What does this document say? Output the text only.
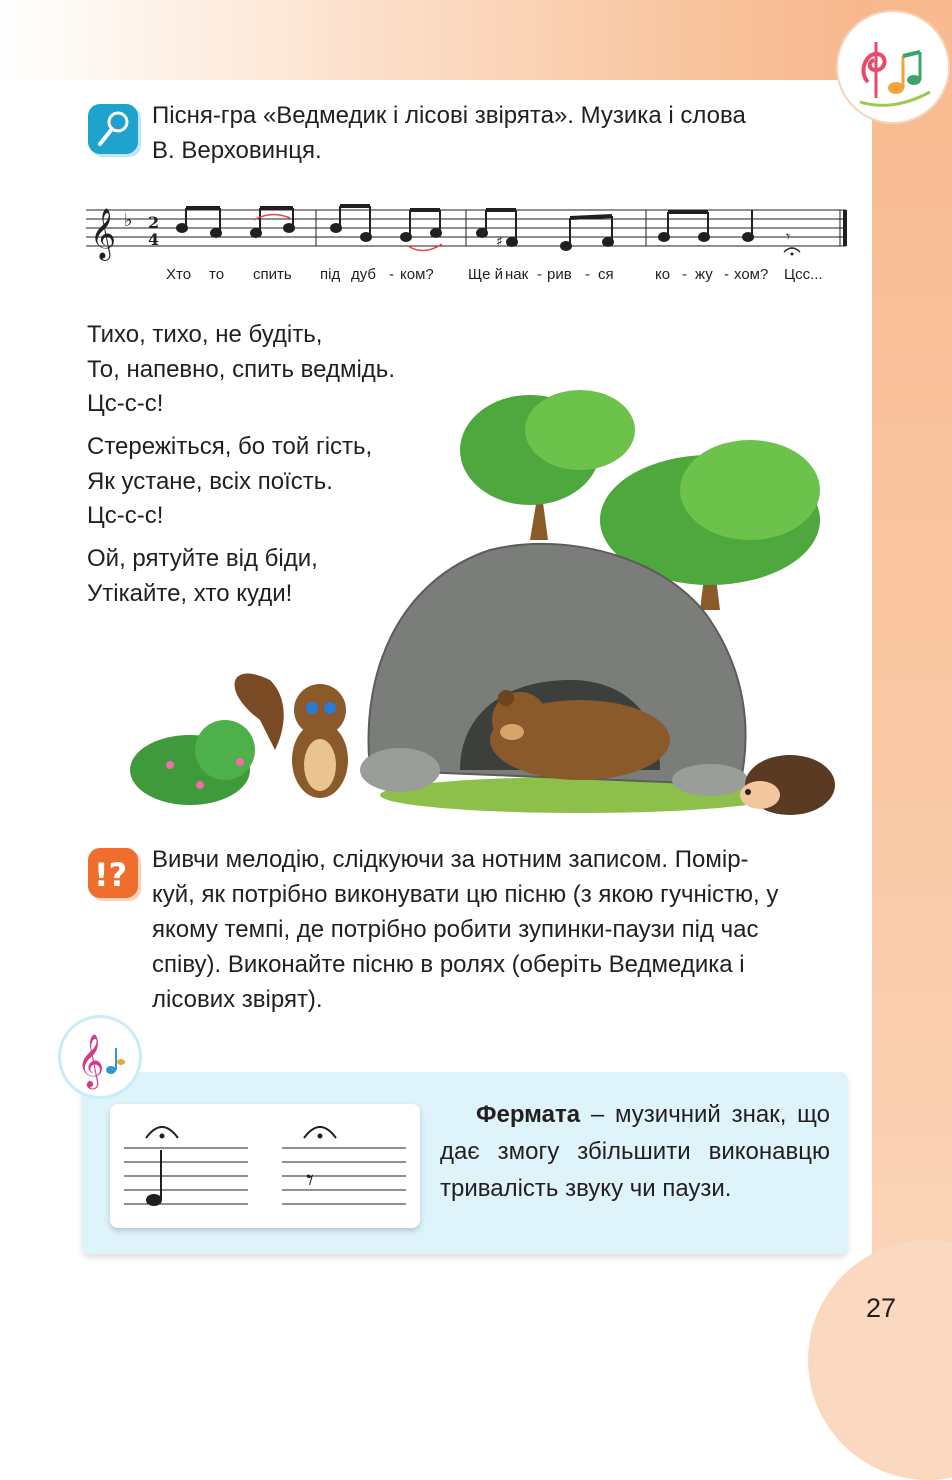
Пісня-гра «Ведмедик і лісові звірята». Музика і слова
В. Верховинця.

𝄞 ♭ 2
4	♯	𝄾
Хто то спить під дуб - ком? Ще й нак - рив - ся	ко - жу - хом? Цсс...
Тихо, тихо, не будіть,
То, напевно, спить ведмідь.
Цс-с-с!
Стережіться, бо той гість,
Як устане, всіх поїсть.
Цс-с-с!
Ой, рятуйте від біди,
Утікайте, хто куди!
!? Вивчи мелодію, слідкуючи за нотним записом. Помір-
куй, як потрібно виконувати цю пісню (з якою гучністю, у
якому темпі, де потрібно робити зупинки-паузи під час
співу). Виконайте пісню в ролях (оберіть Ведмедика і
лісових звірят).
𝄞
𝄾

  Фермата – музичний знак, що дає змогу збільшити виконавцю тривалість звуку чи паузи.

27
